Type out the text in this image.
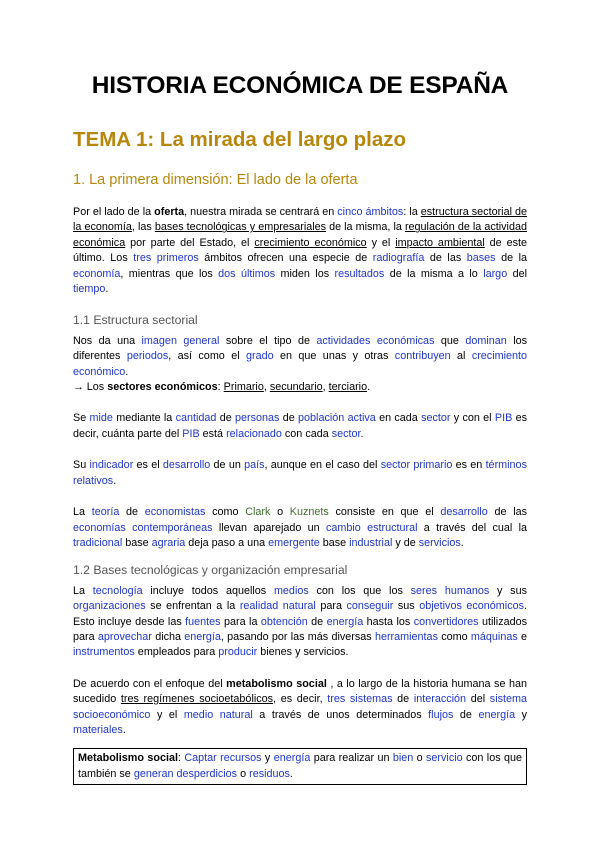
HISTORIA ECONÓMICA DE ESPAÑA
TEMA 1: La mirada del largo plazo
1. La primera dimensión: El lado de la oferta

Por el lado de la oferta, nuestra mirada se centrará en cinco ámbitos: la estructura sectorial de la economía, las bases tecnológicas y empresariales de la misma, la regulación de la actividad económica por parte del Estado, el crecimiento económico y el impacto ambiental de este último. Los tres primeros ámbitos ofrecen una especie de radiografía de las bases de la economía, mientras que los dos últimos miden los resultados de la misma a lo largo del tiempo.

1.1 Estructura sectorial

Nos da una imagen general sobre el tipo de actividades económicas que dominan los diferentes periodos, así como el grado en que unas y otras contribuyen al crecimiento económico.

→ Los sectores económicos: Primario, secundario, terciario.

Se mide mediante la cantidad de personas de población activa en cada sector y con el PIB es decir, cuánta parte del PIB está relacionado con cada sector.

Su indicador es el desarrollo de un país, aunque en el caso del sector primario es en términos relativos.

La teoría de economistas como Clark o Kuznets consiste en que el desarrollo de las economías contemporáneas llevan aparejado un cambio estructural a través del cual la tradicional base agraria deja paso a una emergente base industrial y de servicios.

1.2 Bases tecnológicas y organización empresarial

La tecnología incluye todos aquellos medios con los que los seres humanos y sus organizaciones se enfrentan a la realidad natural para conseguir sus objetivos económicos. Esto incluye desde las fuentes para la obtención de energía hasta los convertidores utilizados para aprovechar dicha energía, pasando por las más diversas herramientas como máquinas e instrumentos empleados para producir bienes y servicios.

De acuerdo con el enfoque del metabolismo social , a lo largo de la historia humana se han sucedido tres regímenes socioetabólicos, es decir, tres sistemas de interacción del sistema socioeconómico y el medio natural a través de unos determinados flujos de energía y materiales.

Metabolismo social: Captar recursos y energía para realizar un bien o servicio con los que también se generan desperdicios o residuos.
